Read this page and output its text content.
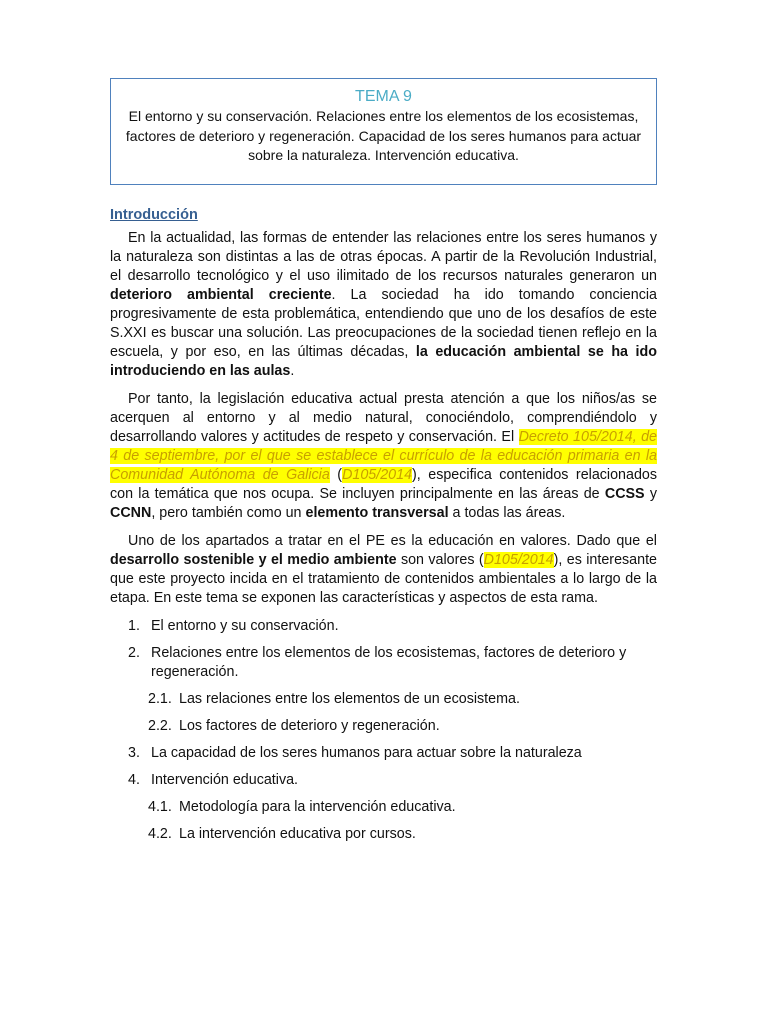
TEMA 9
El entorno y su conservación. Relaciones entre los elementos de los ecosistemas, factores de deterioro y regeneración. Capacidad de los seres humanos para actuar sobre la naturaleza. Intervención educativa.
Introducción

En la actualidad, las formas de entender las relaciones entre los seres humanos y la naturaleza son distintas a las de otras épocas. A partir de la Revolución Industrial, el desarrollo tecnológico y el uso ilimitado de los recursos naturales generaron un deterioro ambiental creciente. La sociedad ha ido tomando conciencia progresivamente de esta problemática, entendiendo que uno de los desafíos de este S.XXI es buscar una solución. Las preocupaciones de la sociedad tienen reflejo en la escuela, y por eso, en las últimas décadas, la educación ambiental se ha ido introduciendo en las aulas.

Por tanto, la legislación educativa actual presta atención a que los niños/as se acerquen al entorno y al medio natural, conociéndolo, comprendiéndolo y desarrollando valores y actitudes de respeto y conservación. El Decreto 105/2014, de 4 de septiembre, por el que se establece el currículo de la educación primaria en la Comunidad Autónoma de Galicia (D105/2014), especifica contenidos relacionados con la temática que nos ocupa. Se incluyen principalmente en las áreas de CCSS y CCNN, pero también como un elemento transversal a todas las áreas.

Uno de los apartados a tratar en el PE es la educación en valores. Dado que el desarrollo sostenible y el medio ambiente son valores (D105/2014), es interesante que este proyecto incida en el tratamiento de contenidos ambientales a lo largo de la etapa. En este tema se exponen las características y aspectos de esta rama.

1. El entorno y su conservación.
2. Relaciones entre los elementos de los ecosistemas, factores de deterioro y regeneración.
2.1. Las relaciones entre los elementos de un ecosistema.
2.2. Los factores de deterioro y regeneración.
3. La capacidad de los seres humanos para actuar sobre la naturaleza
4. Intervención educativa.
4.1. Metodología para la intervención educativa.
4.2. La intervención educativa por cursos.
